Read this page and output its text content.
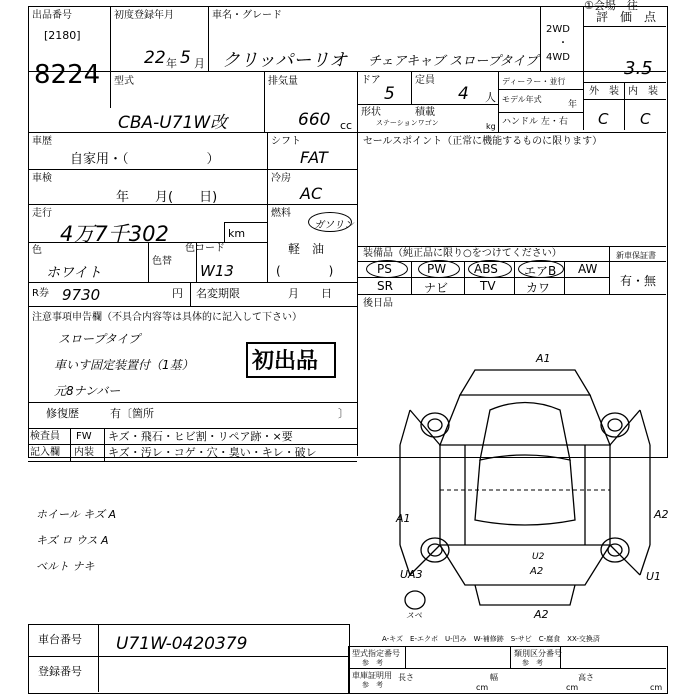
①会場　往
出品番号
[2180]
8224
初度登録年月
22 年 5 月
車名・グレード
クリッパーリオ チェアキャブ スロープタイプ
2WD
・
4WD
評　価　点
3.5
外　装 内　装
C C
型式
CBA-U71W改
排気量
660 cc
ドア
5
定員
4 人
形状
ステーションワゴン
積載
kg
ディーラー・並行
モデル年式
年
ハンドル 左・右
車歴
自家用・（　　　　　　）
シフト
FAT
車検
年　　月(　　日)
冷房
AC
走行
4万7千302	km
燃料
ガソリン
軽　油
(　　　　)
色
ホワイト
色替
色コード
W13
R券 9730	円 名変期限	月　　日
セールスポイント（正常に機能するものに限ります）
装備品（純正品に限り○をつけてください）
PS	PW ABS エアB AW
SR	ナビ	TV	カワ
新車保証書
有・無
後日品
注意事項申告欄（不具合内容等は具体的に記入して下さい）
スロープタイプ
車いす固定装置付（1基）
元8ナンバー
初出品
修復歴	有〔箇所	〕
検査員
記入欄
FW キズ・飛石・ヒビ割・リペア跡・×要
内装 キズ・汚レ・コゲ・穴・臭い・キレ・破レ
ホイール キズ A
キズ ロ ウス A
ベルト ナキ
A1
A1	A2
U2
A2
UA3	U1
A2
スペ
A-キズ　E-エクボ　U-凹み　W-補修跡　S-サビ　C-腐食　XX-交換済
車台番号 U71W-0420379
登録番号
型式指定番号
参　考
類別区分番号
参　考
車庫証明用
参　考
長さ
cm
幅
cm
高さ
cm
